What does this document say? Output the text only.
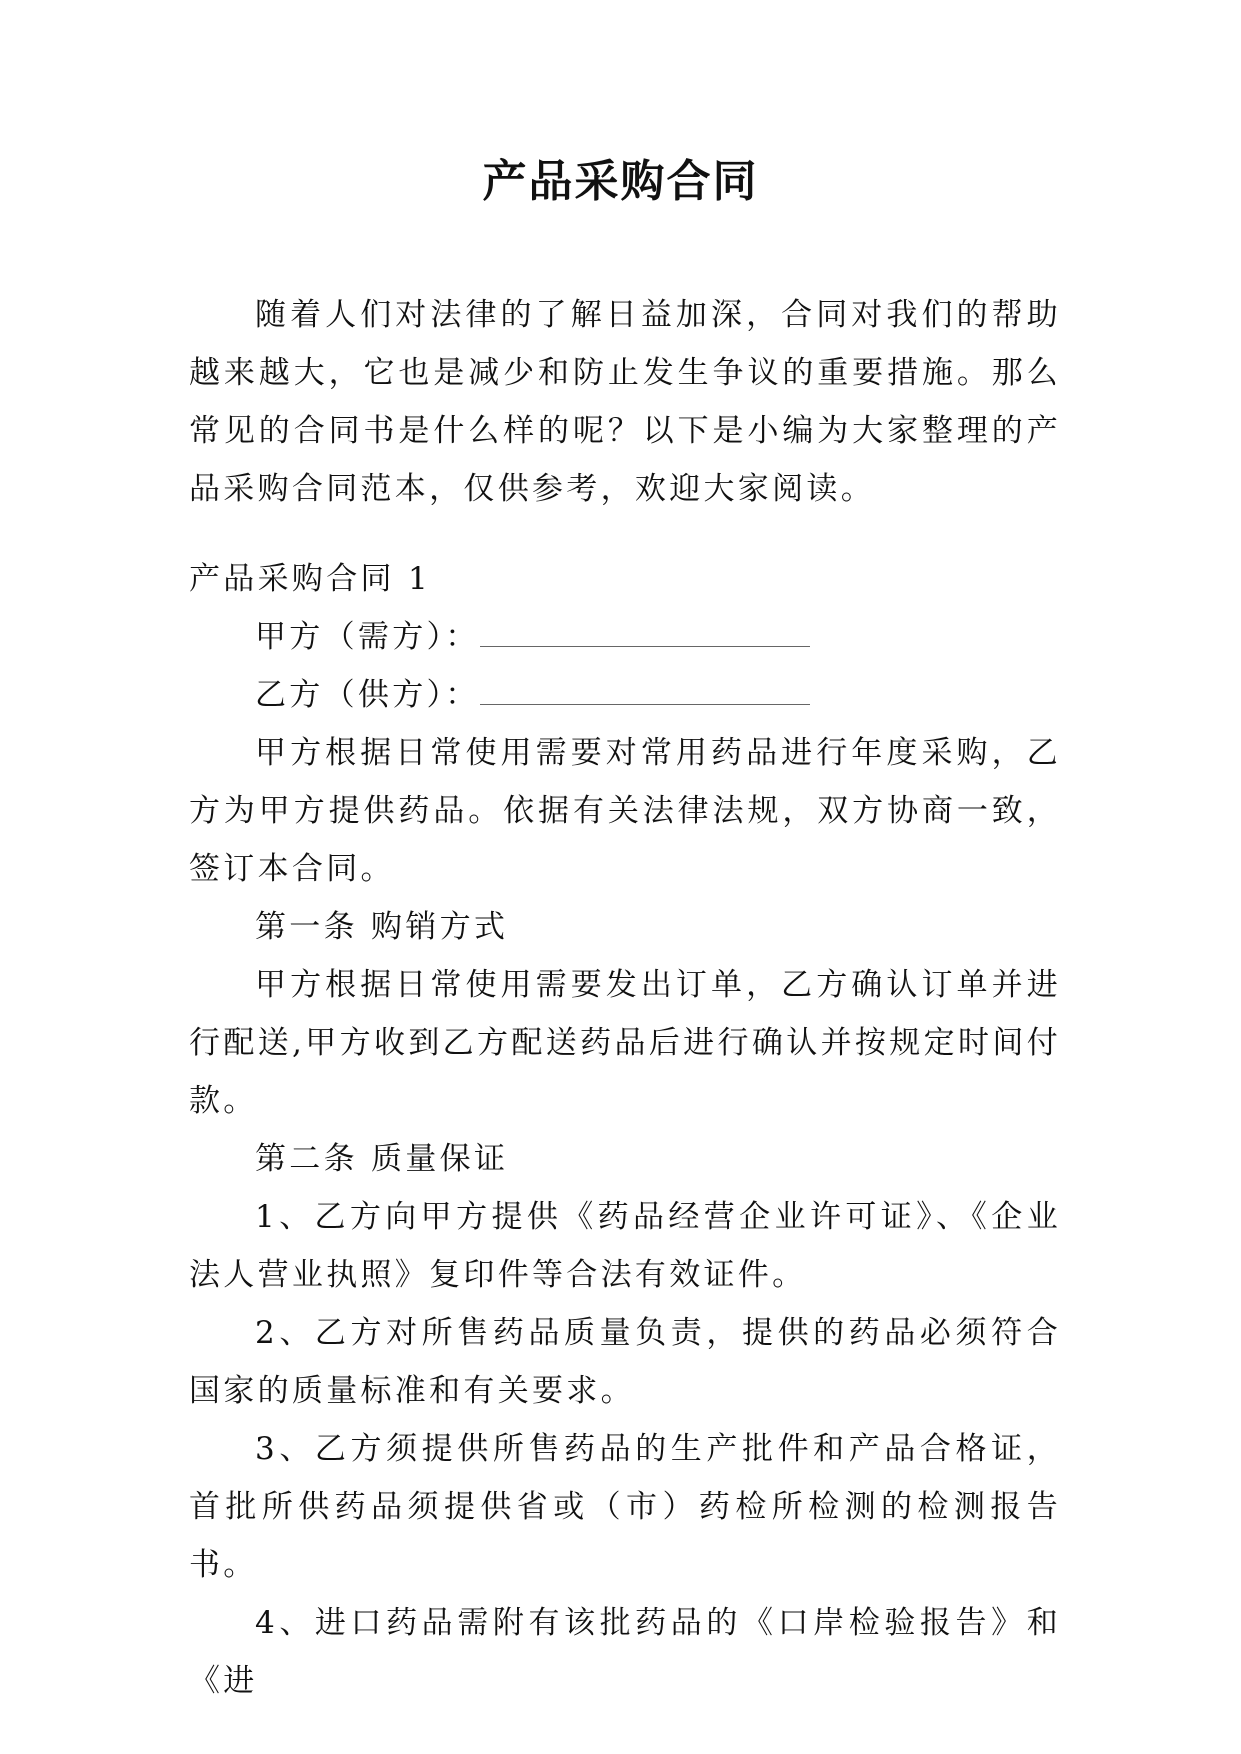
产品采购合同

随着人们对法律的了解日益加深，合同对我们的帮助越来越大，它也是减少和防止发生争议的重要措施。那么常见的合同书是什么样的呢？以下是小编为大家整理的产品采购合同范本，仅供参考，欢迎大家阅读。

产品采购合同 1

甲方（需方）：

乙方（供方）：

甲方根据日常使用需要对常用药品进行年度采购，乙方为甲方提供药品。依据有关法律法规，双方协商一致，签订本合同。

第一条 购销方式

甲方根据日常使用需要发出订单，乙方确认订单并进行配送,甲方收到乙方配送药品后进行确认并按规定时间付款。

第二条 质量保证

1、乙方向甲方提供《药品经营企业许可证》、《企业法人营业执照》复印件等合法有效证件。

2、乙方对所售药品质量负责，提供的药品必须符合国家的质量标准和有关要求。

3、乙方须提供所售药品的生产批件和产品合格证，首批所供药品须提供省或（市）药检所检测的检测报告书。

4、进口药品需附有该批药品的《口岸检验报告》和《进
